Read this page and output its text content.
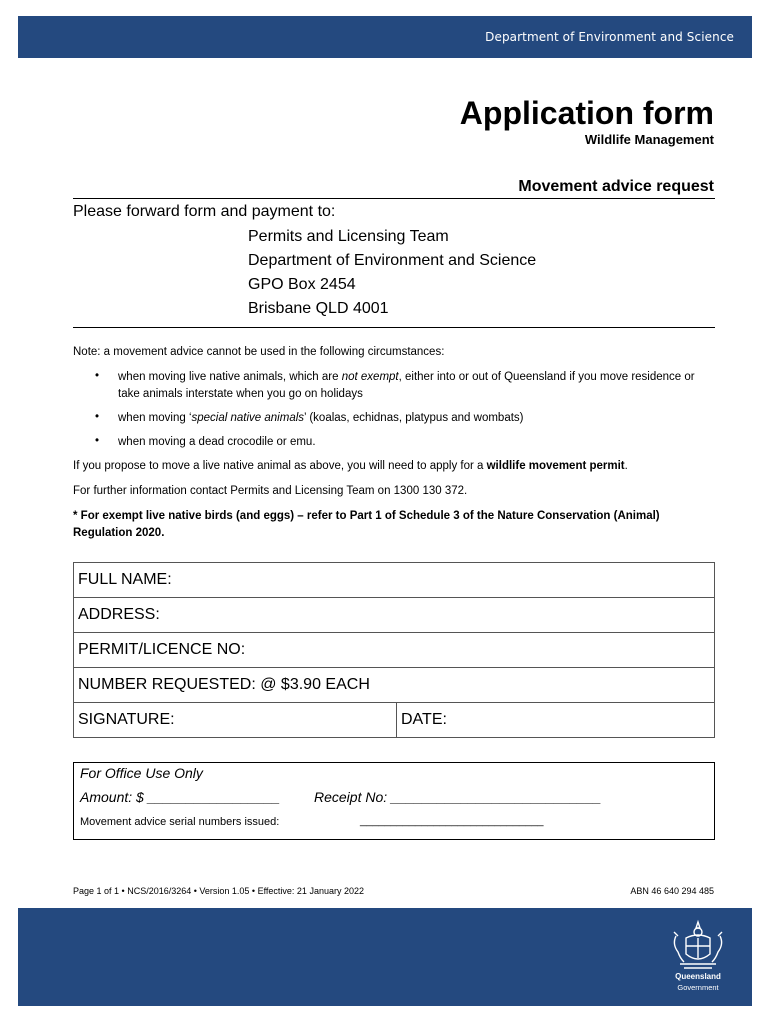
Department of Environment and Science
Application form
Wildlife Management
Movement advice request
Please forward form and payment to:
Permits and Licensing Team
Department of Environment and Science
GPO Box 2454
Brisbane QLD 4001
Note: a movement advice cannot be used in the following circumstances:
• when moving live native animals, which are not exempt, either into or out of Queensland if you move residence or take animals interstate when you go on holidays
• when moving ‘special native animals’ (koalas, echidnas, platypus and wombats)
• when moving a dead crocodile or emu.
If you propose to move a live native animal as above, you will need to apply for a wildlife movement permit.
For further information contact Permits and Licensing Team on 1300 130 372.
* For exempt live native birds (and eggs) – refer to Part 1 of Schedule 3 of the Nature Conservation (Animal) Regulation 2020.
FULL NAME:
ADDRESS:
PERMIT/LICENCE NO:
NUMBER REQUESTED: @ $3.90 EACH
SIGNATURE:	DATE:
For Office Use Only
Amount: $ _________________ Receipt No: ___________________________
Movement advice serial numbers issued:	______________________________
Page 1 of 1 • NCS/2016/3264 • Version 1.05 • Effective: 21 January 2022	ABN 46 640 294 485
Queensland
Government
